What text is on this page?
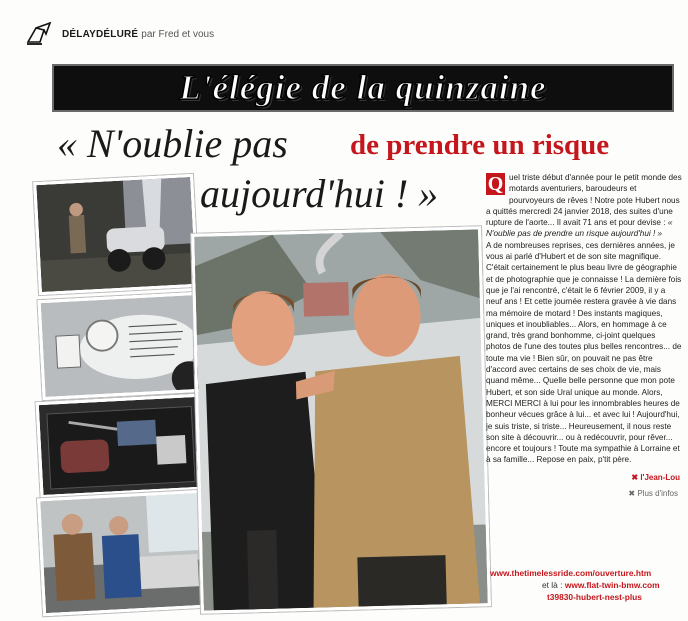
DÉLAYDÉLURÉ par Fred et vous
L'élégie de la quinzaine
« N'oublie pas de prendre un risque
aujourd'hui ! » Q uel triste début d'année pour le petit monde des motards aventuriers, baroudeurs et pourvoyeurs de rêves ! Notre pote Hubert nous a quittés mercredi 24 janvier 2018, des suites d'une rupture de l'aorte... Il avait 71 ans et pour devise : « N'oublie pas de prendre un risque aujourd'hui ! »
A de nombreuses reprises, ces dernières années, je vous ai parlé d'Hubert et de son site magnifique. C'était certainement le plus beau livre de géographie et de photographie que je connaisse ! La dernière fois que je l'ai rencontré, c'était le 6 février 2009, il y a neuf ans ! Et cette journée restera gravée à vie dans ma mémoire de motard ! Des instants magiques, uniques et inoubliables... Alors, en hommage à ce grand, très grand bonhomme, ci-joint quelques photos de l'une des toutes plus belles rencontres... de toute ma vie ! Bien sûr, on pouvait ne pas être d'accord avec certains de ses choix de vie, mais quand même... Quelle belle personne que mon pote Hubert, et son side Ural unique au monde. Alors, MERCI MERCI à lui pour les innombrables heures de bonheur vécues grâce à lui... et avec lui ! Aujourd'hui, je suis triste, si triste... Heureusement, il nous reste son site à découvrir... ou à redécouvrir, pour rêver... encore et toujours ! Toute ma sympathie à Lorraine et à sa famille... Repose en paix, p'tit père.
✖ l'Jean-Lou
✖ Plus d'infos
www.thetimelessride.com/ouverture.htm
et là : www.flat-twin-bmw.com
t39830-hubert-nest-plus
